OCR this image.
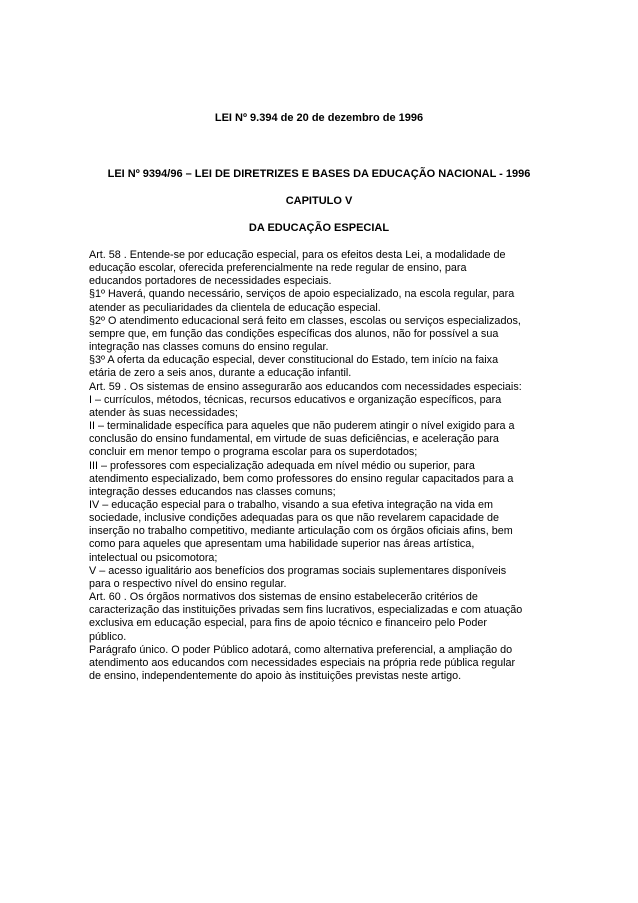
LEI Nº 9.394 de 20 de dezembro de 1996
LEI Nº 9394/96 – LEI DE DIRETRIZES E BASES DA EDUCAÇÃO NACIONAL - 1996
CAPITULO V
DA EDUCAÇÃO ESPECIAL
Art. 58 . Entende-se por educação especial, para os efeitos desta Lei, a modalidade de
educação escolar, oferecida preferencialmente na rede regular de ensino, para
educandos portadores de necessidades especiais.
§1º Haverá, quando necessário, serviços de apoio especializado, na escola regular, para
atender as peculiaridades da clientela de educação especial.
§2º O atendimento educacional será feito em classes, escolas ou serviços especializados,
sempre que, em função das condições específicas dos alunos, não for possível a sua
integração nas classes comuns do ensino regular.
§3º A oferta da educação especial, dever constitucional do Estado, tem início na faixa
etária de zero a seis anos, durante a educação infantil.
Art. 59 . Os sistemas de ensino assegurarão aos educandos com necessidades especiais:
I – currículos, métodos, técnicas, recursos educativos e organização específicos, para
atender às suas necessidades;
II – terminalidade específica para aqueles que não puderem atingir o nível exigido para a
conclusão do ensino fundamental, em virtude de suas deficiências, e aceleração para
concluir em menor tempo o programa escolar para os superdotados;
III – professores com especialização adequada em nível médio ou superior, para
atendimento especializado, bem como professores do ensino regular capacitados para a
integração desses educandos nas classes comuns;
IV – educação especial para o trabalho, visando a sua efetiva integração na vida em
sociedade, inclusive condições adequadas para os que não revelarem capacidade de
inserção no trabalho competitivo, mediante articulação com os órgãos oficiais afins, bem
como para aqueles que apresentam uma habilidade superior nas áreas artística,
intelectual ou psicomotora;
V – acesso igualitário aos benefícios dos programas sociais suplementares disponíveis
para o respectivo nível do ensino regular.
Art. 60 . Os órgãos normativos dos sistemas de ensino estabelecerão critérios de
caracterização das instituições privadas sem fins lucrativos, especializadas e com atuação
exclusiva em educação especial, para fins de apoio técnico e financeiro pelo Poder
público.
Parágrafo único. O poder Público adotará, como alternativa preferencial, a ampliação do
atendimento aos educandos com necessidades especiais na própria rede pública regular
de ensino, independentemente do apoio às instituições previstas neste artigo.
